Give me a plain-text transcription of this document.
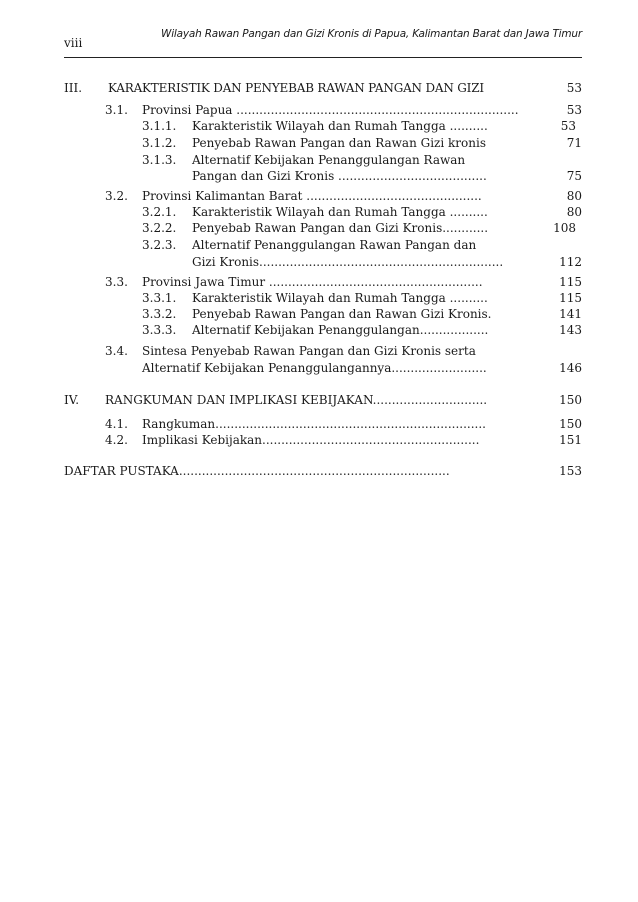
viii
Wilayah Rawan Pangan dan Gizi Kronis di Papua, Kalimantan Barat dan Jawa Timur
III. KARAKTERISTIK DAN PENYEBAB RAWAN PANGAN DAN GIZI	53
3.1. Provinsi Papua ..........................................................................	53
3.1.1. Karakteristik Wilayah dan Rumah Tangga ..........	53
3.1.2. Penyebab Rawan Pangan dan Rawan Gizi kronis	71
3.1.3. Alternatif Kebijakan Penanggulangan Rawan
Pangan dan Gizi Kronis .......................................	75
3.2. Provinsi Kalimantan Barat ..............................................	80
3.2.1. Karakteristik Wilayah dan Rumah Tangga ..........	80
3.2.2. Penyebab Rawan Pangan dan Gizi Kronis............	108
3.2.3. Alternatif Penanggulangan Rawan Pangan dan
Gizi Kronis................................................................	112
3.3. Provinsi Jawa Timur ........................................................	115
3.3.1. Karakteristik Wilayah dan Rumah Tangga ..........	115
3.3.2. Penyebab Rawan Pangan dan Rawan Gizi Kronis.	141
3.3.3. Alternatif Kebijakan Penanggulangan..................	143
3.4. Sintesa Penyebab Rawan Pangan dan Gizi Kronis serta
Alternatif Kebijakan Penanggulangannya.........................	146
IV. RANGKUMAN DAN IMPLIKASI KEBIJAKAN..............................	150
4.1. Rangkuman.......................................................................	150
4.2. Implikasi Kebijakan.........................................................	151
DAFTAR PUSTAKA.......................................................................	153
